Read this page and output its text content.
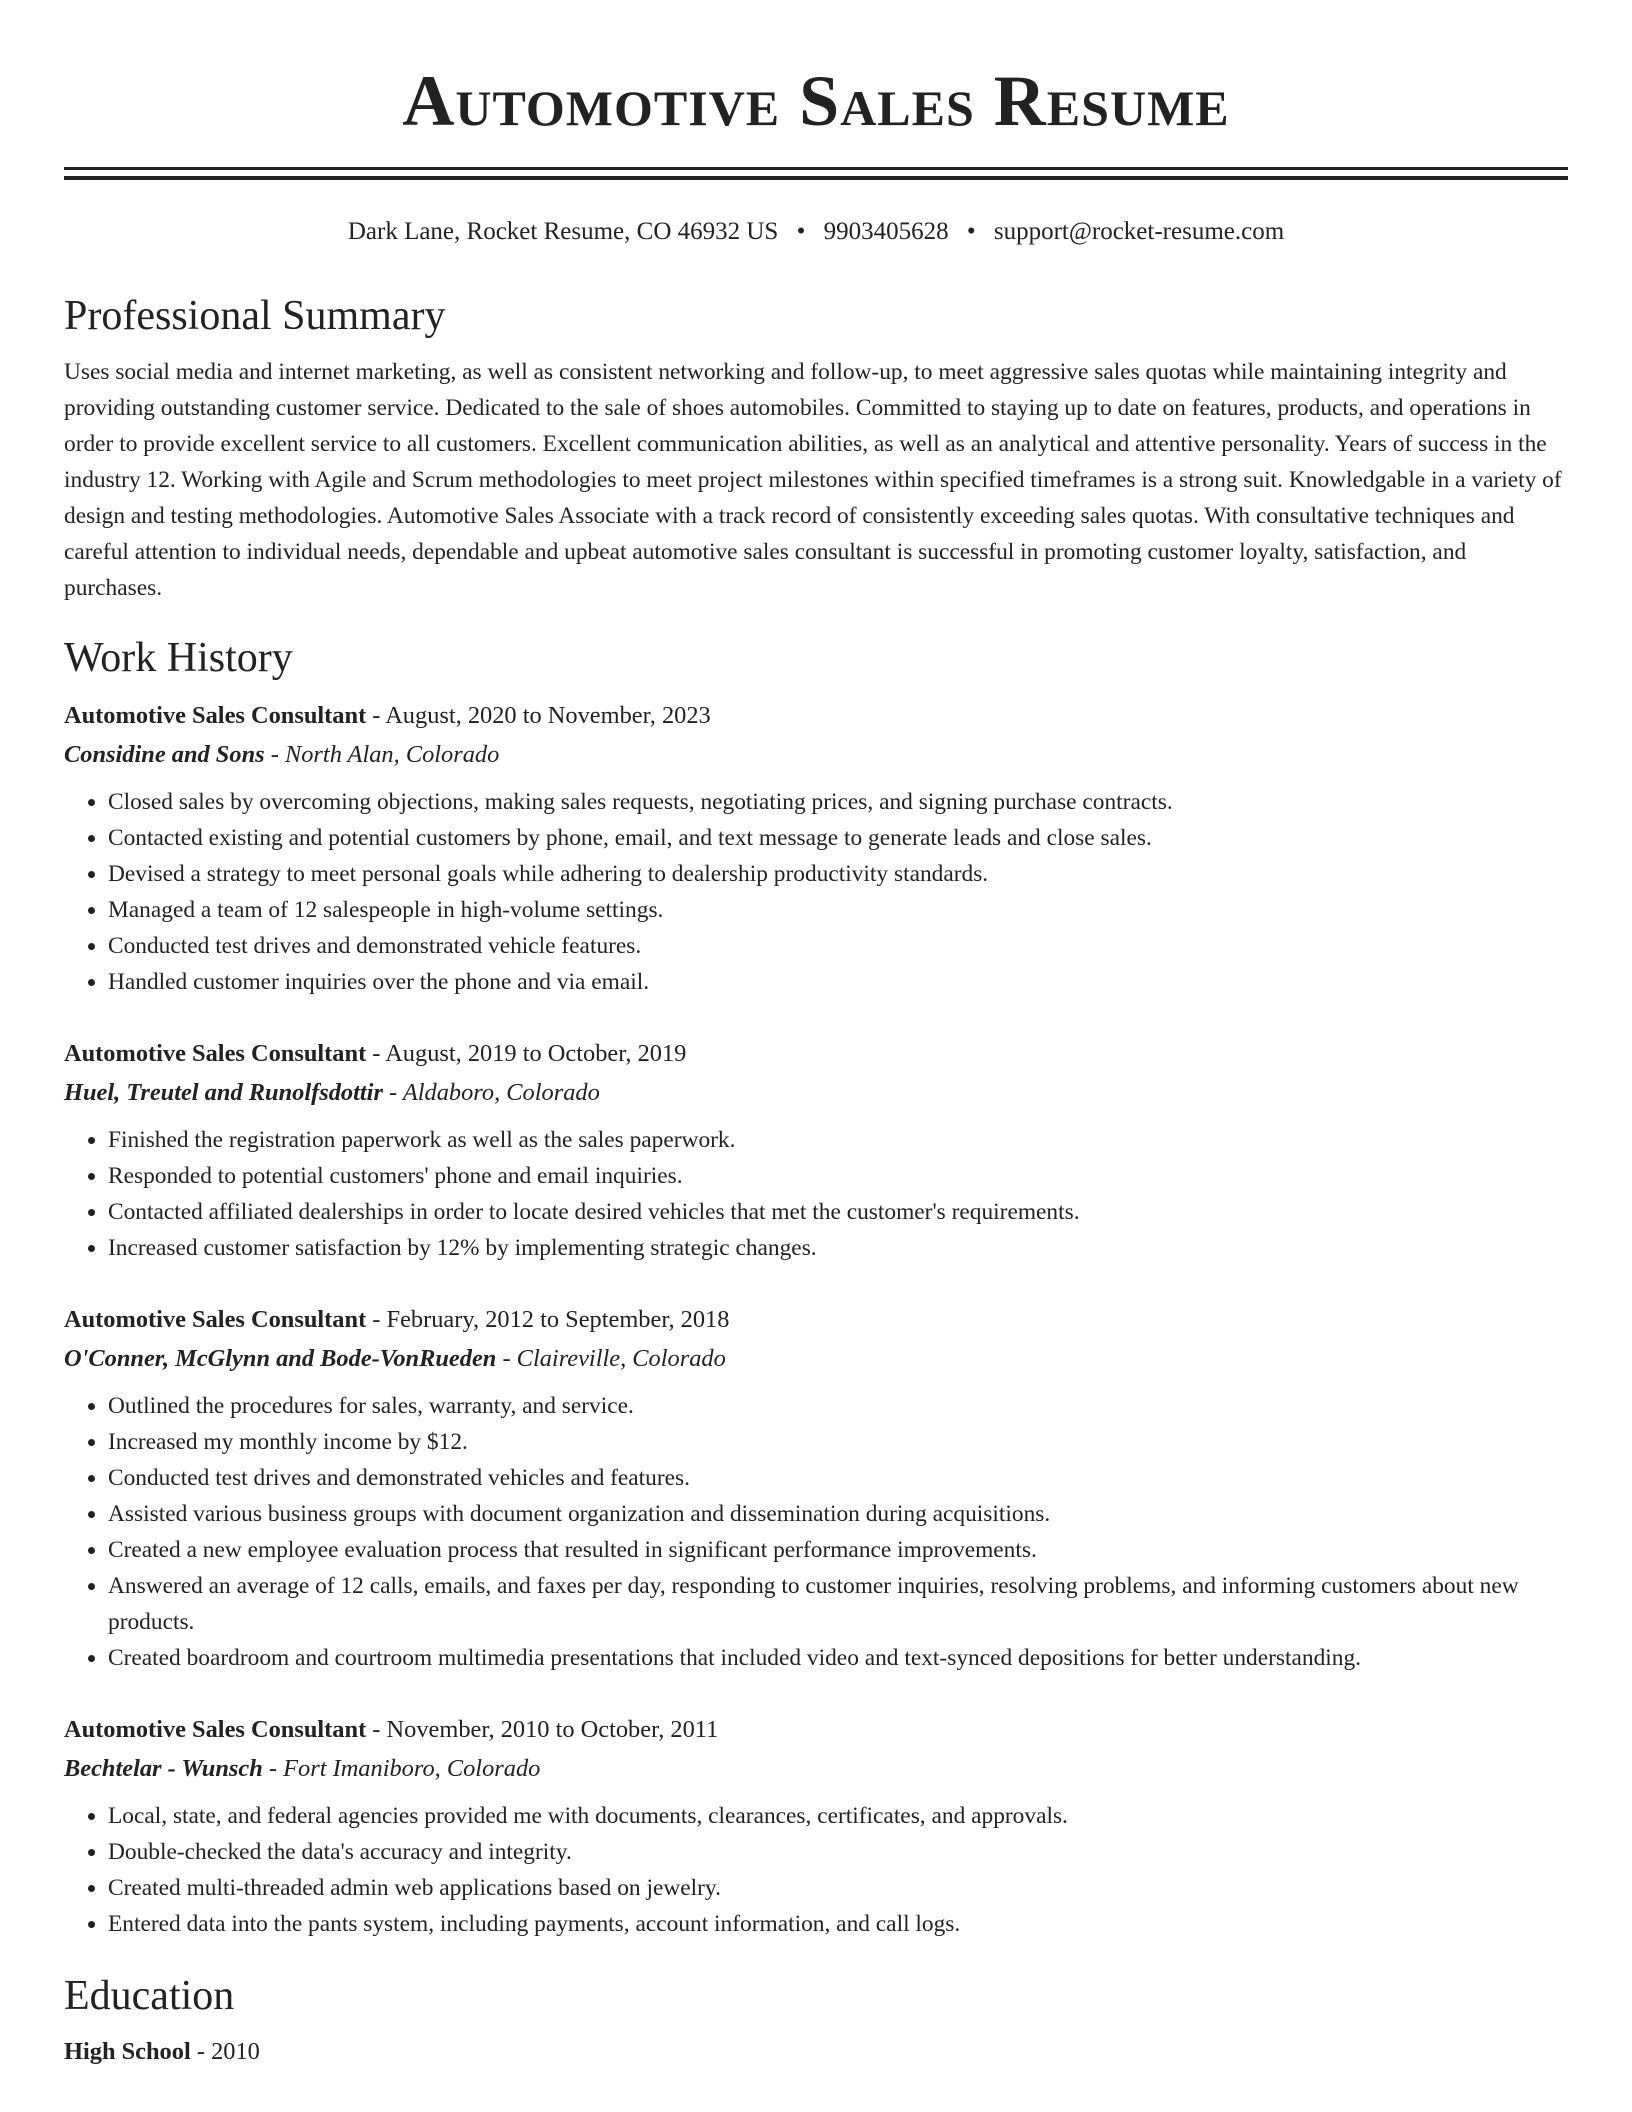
Automotive Sales Resume
Dark Lane, Rocket Resume, CO 46932 US • 9903405628 • support@rocket-resume.com
Professional Summary

Uses social media and internet marketing, as well as consistent networking and follow-up, to meet aggressive sales quotas while maintaining integrity and providing outstanding customer service. Dedicated to the sale of shoes automobiles. Committed to staying up to date on features, products, and operations in order to provide excellent service to all customers. Excellent communication abilities, as well as an analytical and attentive personality. Years of success in the industry 12. Working with Agile and Scrum methodologies to meet project milestones within specified timeframes is a strong suit. Knowledgable in a variety of design and testing methodologies. Automotive Sales Associate with a track record of consistently exceeding sales quotas. With consultative techniques and careful attention to individual needs, dependable and upbeat automotive sales consultant is successful in promoting customer loyalty, satisfaction, and purchases.

Work History
Automotive Sales Consultant - August, 2020 to November, 2023
Considine and Sons - North Alan, Colorado
• Closed sales by overcoming objections, making sales requests, negotiating prices, and signing purchase contracts.
• Contacted existing and potential customers by phone, email, and text message to generate leads and close sales.
• Devised a strategy to meet personal goals while adhering to dealership productivity standards.
• Managed a team of 12 salespeople in high-volume settings.
• Conducted test drives and demonstrated vehicle features.
• Handled customer inquiries over the phone and via email.
Automotive Sales Consultant - August, 2019 to October, 2019
Huel, Treutel and Runolfsdottir - Aldaboro, Colorado
• Finished the registration paperwork as well as the sales paperwork.
• Responded to potential customers' phone and email inquiries.
• Contacted affiliated dealerships in order to locate desired vehicles that met the customer's requirements.
• Increased customer satisfaction by 12% by implementing strategic changes.
Automotive Sales Consultant - February, 2012 to September, 2018
O'Conner, McGlynn and Bode-VonRueden - Claireville, Colorado
• Outlined the procedures for sales, warranty, and service.
• Increased my monthly income by $12.
• Conducted test drives and demonstrated vehicles and features.
• Assisted various business groups with document organization and dissemination during acquisitions.
• Created a new employee evaluation process that resulted in significant performance improvements.
• Answered an average of 12 calls, emails, and faxes per day, responding to customer inquiries, resolving problems, and informing customers about new products.
• Created boardroom and courtroom multimedia presentations that included video and text-synced depositions for better understanding.
Automotive Sales Consultant - November, 2010 to October, 2011
Bechtelar - Wunsch - Fort Imaniboro, Colorado
• Local, state, and federal agencies provided me with documents, clearances, certificates, and approvals.
• Double-checked the data's accuracy and integrity.
• Created multi-threaded admin web applications based on jewelry.
• Entered data into the pants system, including payments, account information, and call logs.
Education
High School - 2010
